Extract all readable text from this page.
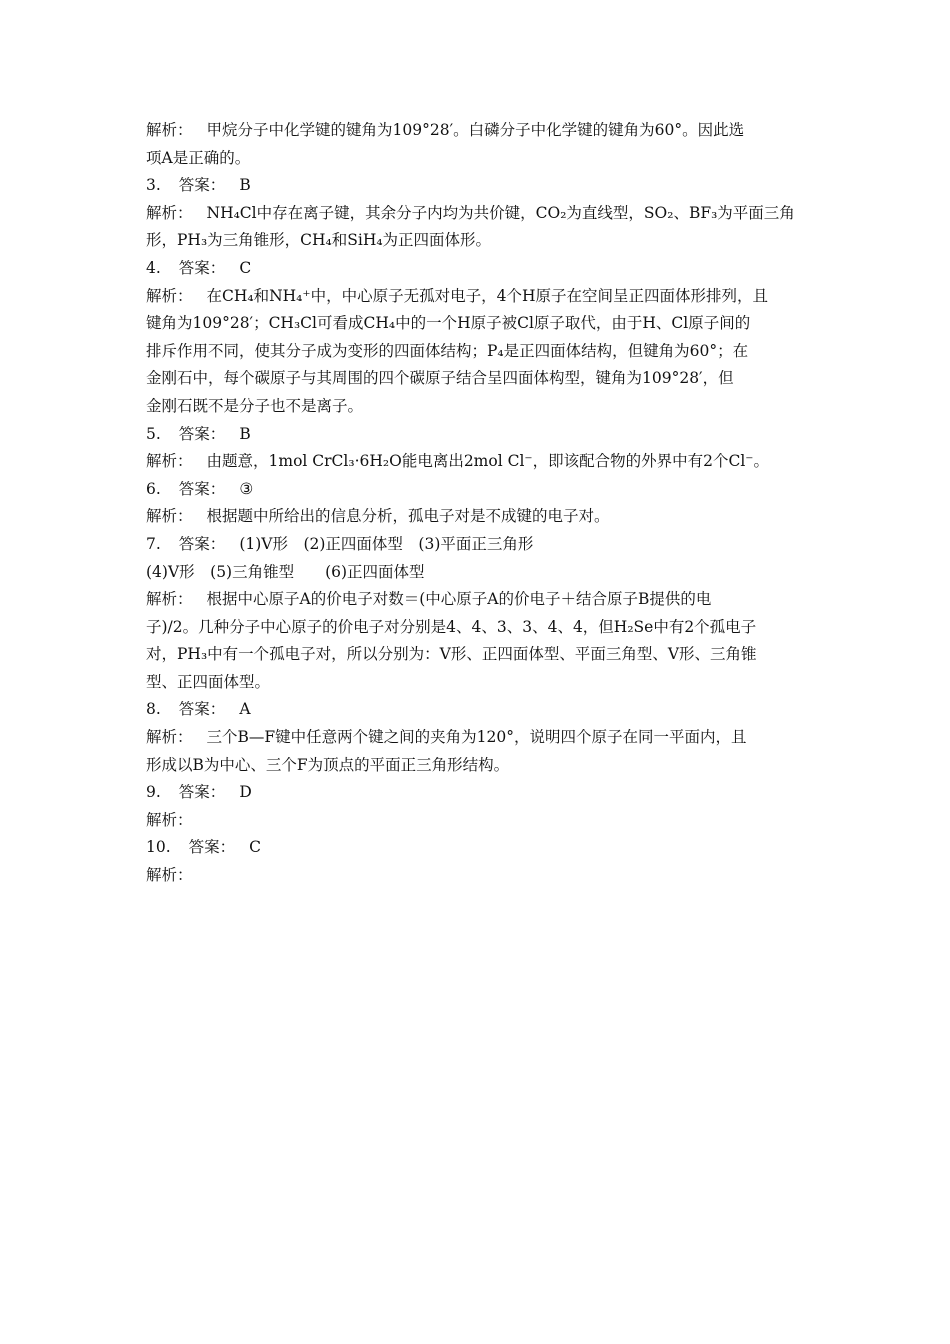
解析： 甲烷分子中化学键的键角为109°28′。白磷分子中化学键的键角为60°。因此选
项A是正确的。
3. 答案： B
解析： NH₄Cl中存在离子键，其余分子内均为共价键，CO₂为直线型，SO₂、BF₃为平面三角
形，PH₃为三角锥形，CH₄和SiH₄为正四面体形。
4. 答案： C
解析： 在CH₄和NH₄⁺中，中心原子无孤对电子，4个H原子在空间呈正四面体形排列，且
键角为109°28′；CH₃Cl可看成CH₄中的一个H原子被Cl原子取代，由于H、Cl原子间的
排斥作用不同，使其分子成为变形的四面体结构；P₄是正四面体结构，但键角为60°；在
金刚石中，每个碳原子与其周围的四个碳原子结合呈四面体构型，键角为109°28′，但
金刚石既不是分子也不是离子。
5. 答案： B
解析： 由题意，1mol CrCl₃·6H₂O能电离出2mol Cl⁻，即该配合物的外界中有2个Cl⁻。
6. 答案： ③
解析： 根据题中所给出的信息分析，孤电子对是不成键的电子对。
7. 答案： (1)V形　(2)正四面体型　(3)平面正三角形
(4)V形　(5)三角锥型　　(6)正四面体型
解析： 根据中心原子A的价电子对数＝(中心原子A的价电子＋结合原子B提供的电
子)/2。几种分子中心原子的价电子对分别是4、4、3、3、4、4，但H₂Se中有2个孤电子
对，PH₃中有一个孤电子对，所以分别为：V形、正四面体型、平面三角型、V形、三角锥
型、正四面体型。
8. 答案： A
解析： 三个B—F键中任意两个键之间的夹角为120°，说明四个原子在同一平面内，且
形成以B为中心、三个F为顶点的平面正三角形结构。
9. 答案： D
解析：
10. 答案： C
解析：
